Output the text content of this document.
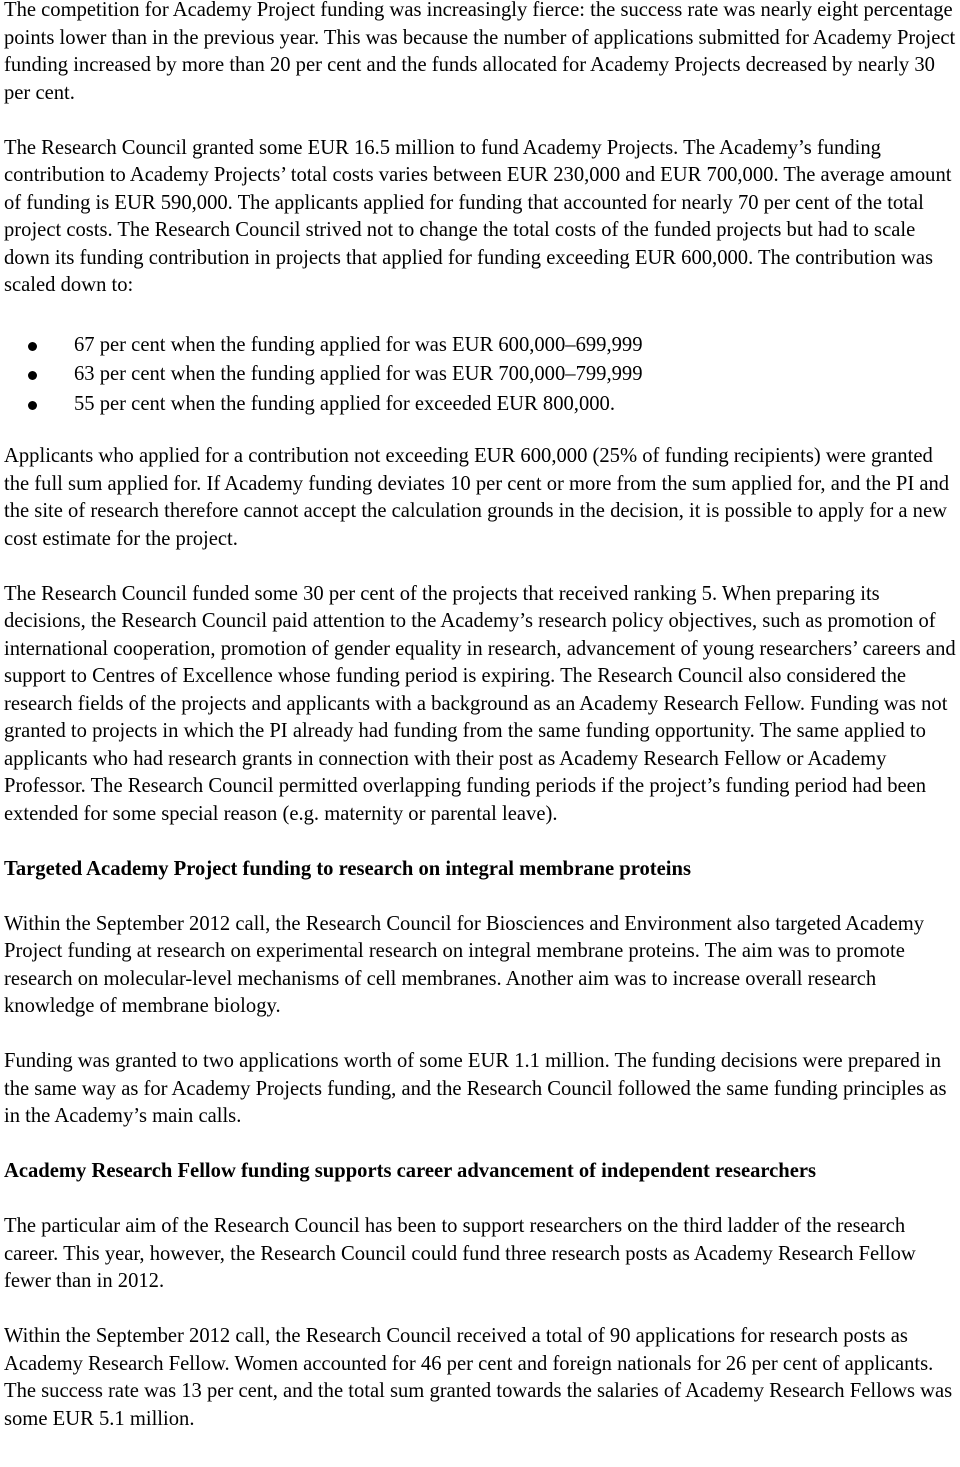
The competition for Academy Project funding was increasingly fierce: the success rate was nearly eight percentage points lower than in the previous year. This was because the number of applications submitted for Academy Project funding increased by more than 20 per cent and the funds allocated for Academy Projects decreased by nearly 30 per cent.

The Research Council granted some EUR 16.5 million to fund Academy Projects. The Academy’s funding contribution to Academy Projects’ total costs varies between EUR 230,000 and EUR 700,000. The average amount of funding is EUR 590,000. The applicants applied for funding that accounted for nearly 70 per cent of the total project costs. The Research Council strived not to change the total costs of the funded projects but had to scale down its funding contribution in projects that applied for funding exceeding EUR 600,000. The contribution was scaled down to:

67 per cent when the funding applied for was EUR 600,000–699,999
63 per cent when the funding applied for was EUR 700,000–799,999
55 per cent when the funding applied for exceeded EUR 800,000.

Applicants who applied for a contribution not exceeding EUR 600,000 (25% of funding recipients) were granted the full sum applied for. If Academy funding deviates 10 per cent or more from the sum applied for, and the PI and the site of research therefore cannot accept the calculation grounds in the decision, it is possible to apply for a new cost estimate for the project.

The Research Council funded some 30 per cent of the projects that received ranking 5. When preparing its decisions, the Research Council paid attention to the Academy’s research policy objectives, such as promotion of international cooperation, promotion of gender equality in research, advancement of young researchers’ careers and support to Centres of Excellence whose funding period is expiring. The Research Council also considered the research fields of the projects and applicants with a background as an Academy Research Fellow. Funding was not granted to projects in which the PI already had funding from the same funding opportunity. The same applied to applicants who had research grants in connection with their post as Academy Research Fellow or Academy Professor. The Research Council permitted overlapping funding periods if the project’s funding period had been extended for some special reason (e.g. maternity or parental leave).

Targeted Academy Project funding to research on integral membrane proteins

Within the September 2012 call, the Research Council for Biosciences and Environment also targeted Academy Project funding at research on experimental research on integral membrane proteins. The aim was to promote research on molecular-level mechanisms of cell membranes. Another aim was to increase overall research knowledge of membrane biology.

Funding was granted to two applications worth of some EUR 1.1 million. The funding decisions were prepared in the same way as for Academy Projects funding, and the Research Council followed the same funding principles as in the Academy’s main calls.

Academy Research Fellow funding supports career advancement of independent researchers

The particular aim of the Research Council has been to support researchers on the third ladder of the research career. This year, however, the Research Council could fund three research posts as Academy Research Fellow fewer than in 2012.

Within the September 2012 call, the Research Council received a total of 90 applications for research posts as Academy Research Fellow. Women accounted for 46 per cent and foreign nationals for 26 per cent of applicants. The success rate was 13 per cent, and the total sum granted towards the salaries of Academy Research Fellows was some EUR 5.1 million.
